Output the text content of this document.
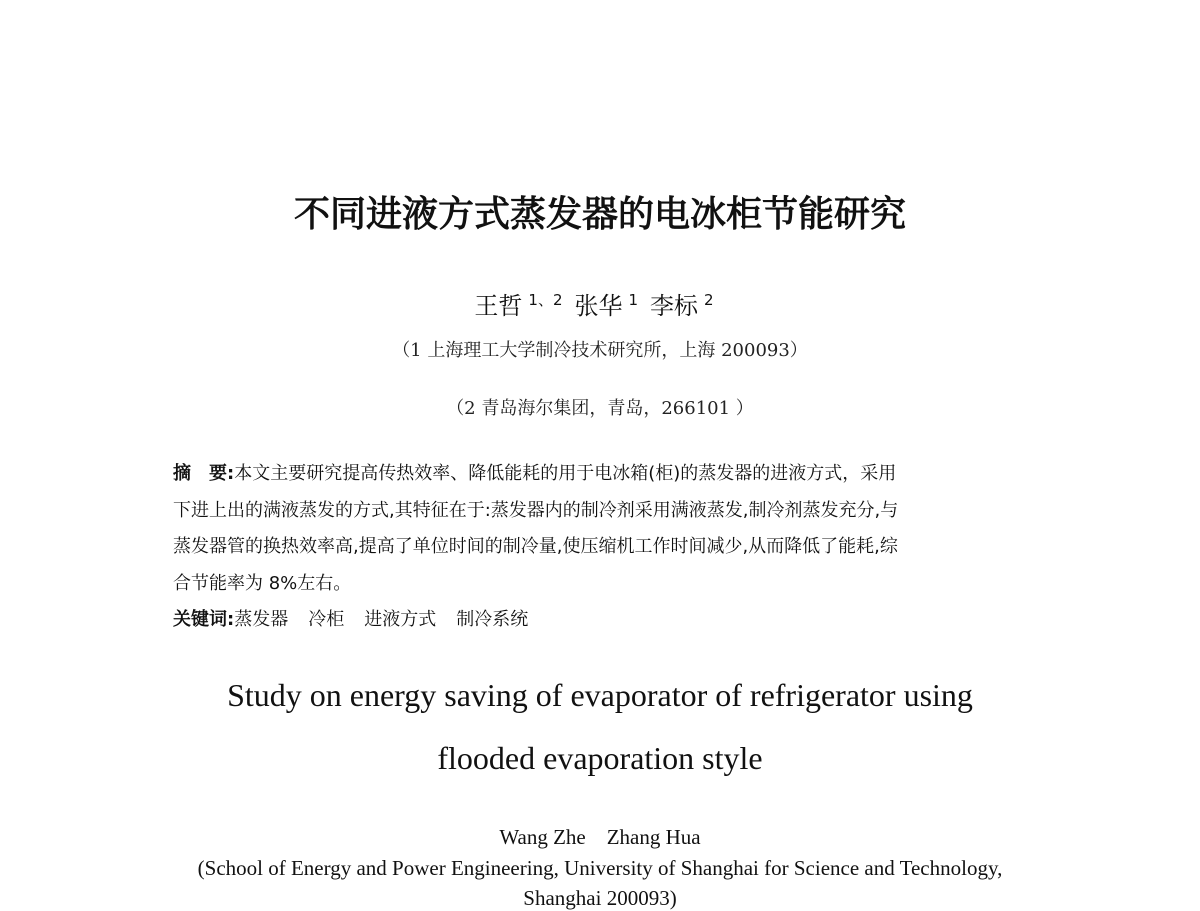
不同进液方式蒸发器的电冰柜节能研究
王哲 $^{1、2}$ 张华 $^1$ 李标 $^2$
（1 上海理工大学制冷技术研究所，上海 200093）
（2 青岛海尔集团，青岛，266101 ）
摘　要:本文主要研究提高传热效率、降低能耗的用于电冰箱(柜)的蒸发器的进液方式，采用
下进上出的满液蒸发的方式,其特征在于:蒸发器内的制冷剂采用满液蒸发,制冷剂蒸发充分,与
蒸发器管的换热效率高,提高了单位时间的制冷量,使压缩机工作时间减少,从而降低了能耗,综
合节能率为 8%左右。
关键词:蒸发器 冷柜 进液方式 制冷系统
Study on energy saving of evaporator of refrigerator using
flooded evaporation style
Wang Zhe    Zhang Hua
(School of Energy and Power Engineering, University of Shanghai for Science and Technology,
Shanghai 200093)
